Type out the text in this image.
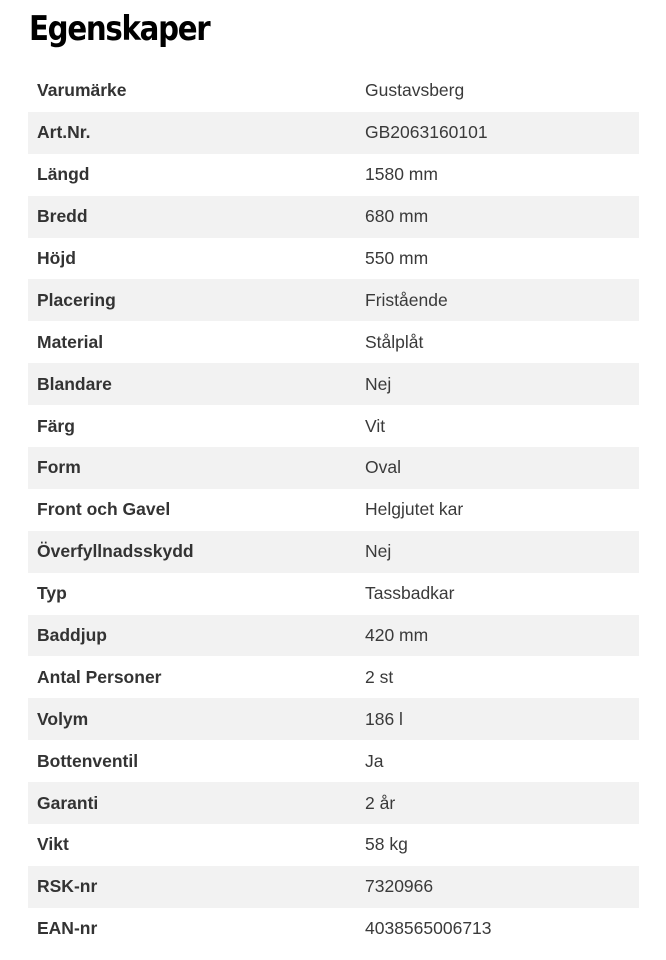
Egenskaper
Varumärke	Gustavsberg
Art.Nr.	GB2063160101
Längd	1580 mm
Bredd	680 mm
Höjd	550 mm
Placering	Fristående
Material	Stålplåt
Blandare	Nej
Färg	Vit
Form	Oval
Front och Gavel	Helgjutet kar
Överfyllnadsskydd	Nej
Typ	Tassbadkar
Baddjup	420 mm
Antal Personer	2 st
Volym	186 l
Bottenventil	Ja
Garanti	2 år
Vikt	58 kg
RSK-nr	7320966
EAN-nr	4038565006713
